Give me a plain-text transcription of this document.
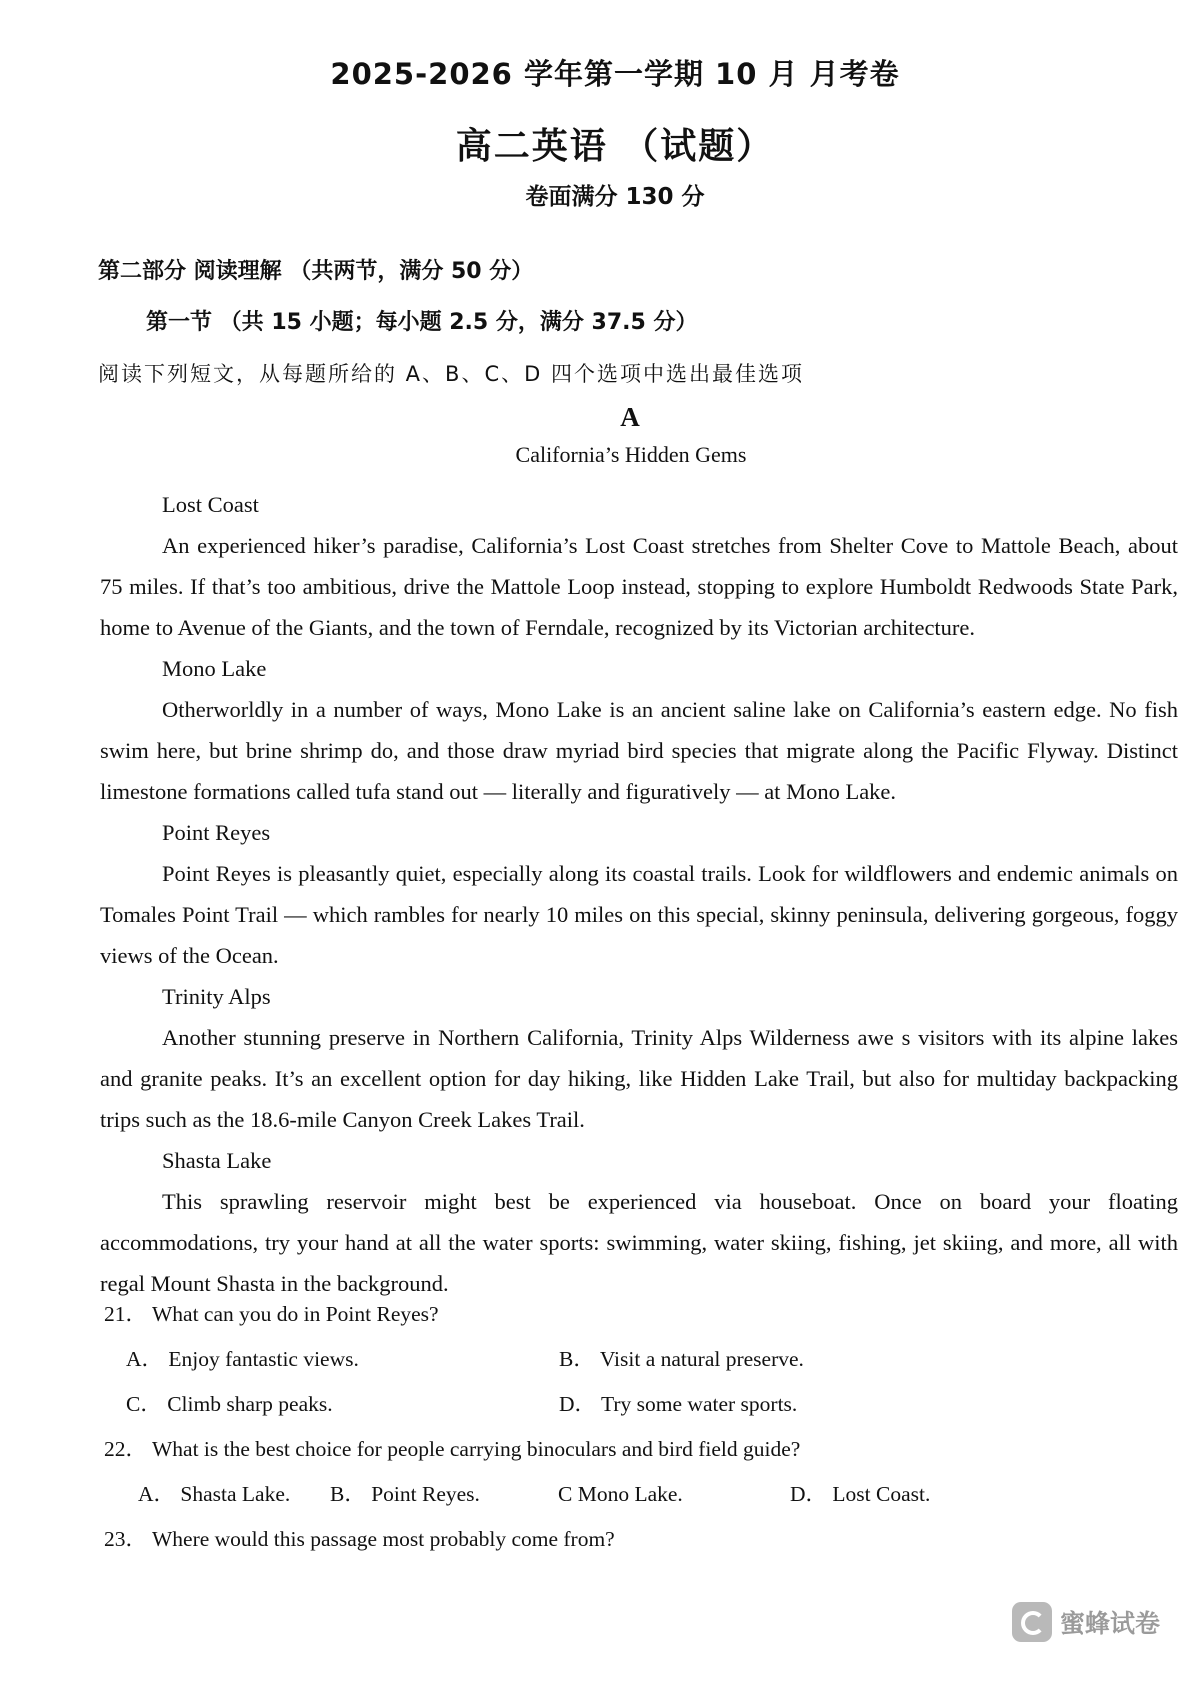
2025-2026 学年第一学期 10 月 月考卷
高二英语 （试题）
卷面满分 130 分
第二部分 阅读理解 （共两节，满分 50 分）
第一节 （共 15 小题；每小题 2.5 分，满分 37.5 分）
阅读下列短文，从每题所给的 A、B、C、D 四个选项中选出最佳选项
A
California’s Hidden Gems
Lost Coast

An experienced hiker’s paradise, California’s Lost Coast stretches from Shelter Cove to Mattole Beach, about 75 miles. If that’s too ambitious, drive the Mattole Loop instead, stopping to explore Humboldt Redwoods State Park, home to Avenue of the Giants, and the town of Ferndale, recognized by its Victorian architecture.

Mono Lake

Otherworldly in a number of ways, Mono Lake is an ancient saline lake on California’s eastern edge. No fish swim here, but brine shrimp do, and those draw myriad bird species that migrate along the Pacific Flyway. Distinct limestone formations called tufa stand out — literally and figuratively — at Mono Lake.

Point Reyes

Point Reyes is pleasantly quiet, especially along its coastal trails. Look for wildflowers and endemic animals on Tomales Point Trail — which rambles for nearly 10 miles on this special, skinny peninsula, delivering gorgeous, foggy views of the Ocean.

Trinity Alps

Another stunning preserve in Northern California, Trinity Alps Wilderness awe s visitors with its alpine lakes and granite peaks. It’s an excellent option for day hiking, like Hidden Lake Trail, but also for multiday backpacking trips such as the 18.6-mile Canyon Creek Lakes Trail.

Shasta Lake

This sprawling reservoir might best be experienced via houseboat. Once on board your floating accommodations, try your hand at all the water sports: swimming, water skiing, fishing, jet skiing, and more, all with regal Mount Shasta in the background.

21． What can you do in Point Reyes?
A． Enjoy fantastic views.	B． Visit a natural preserve.
C． Climb sharp peaks.	D． Try some water sports.
22． What is the best choice for people carrying binoculars and bird field guide?
A． Shasta Lake. B． Point Reyes.	C Mono Lake.	D． Lost Coast.
23． Where would this passage most probably come from?
蜜蜂试卷
